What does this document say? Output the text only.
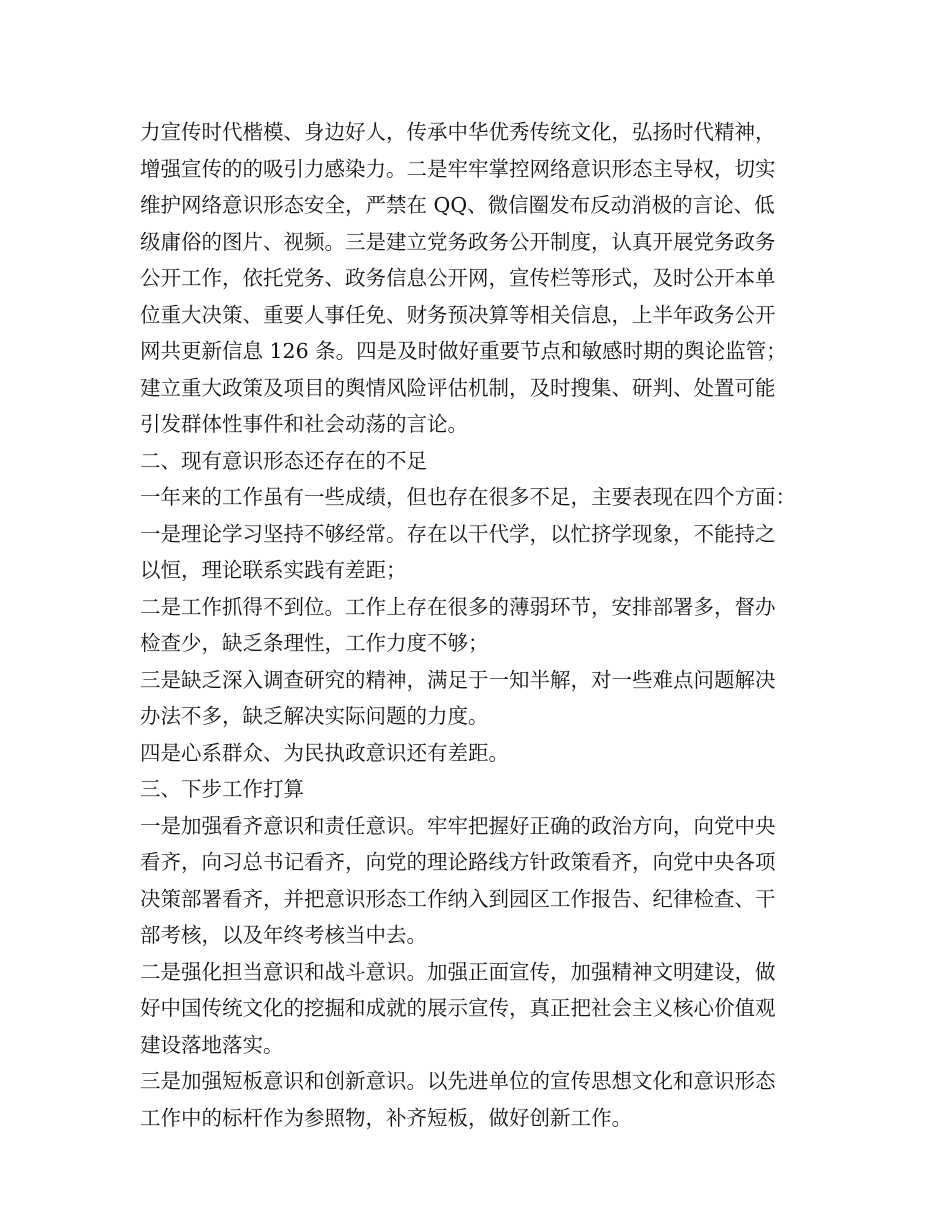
力宣传时代楷模、身边好人，传承中华优秀传统文化，弘扬时代精神，
增强宣传的的吸引力感染力。二是牢牢掌控网络意识形态主导权，切实
维护网络意识形态安全，严禁在 QQ、微信圈发布反动消极的言论、低
级庸俗的图片、视频。三是建立党务政务公开制度，认真开展党务政务
公开工作，依托党务、政务信息公开网，宣传栏等形式，及时公开本单
位重大决策、重要人事任免、财务预决算等相关信息，上半年政务公开
网共更新信息 126 条。四是及时做好重要节点和敏感时期的舆论监管；
建立重大政策及项目的舆情风险评估机制，及时搜集、研判、处置可能
引发群体性事件和社会动荡的言论。
二、现有意识形态还存在的不足
一年来的工作虽有一些成绩，但也存在很多不足，主要表现在四个方面：
一是理论学习坚持不够经常。存在以干代学，以忙挤学现象，不能持之
以恒，理论联系实践有差距；
二是工作抓得不到位。工作上存在很多的薄弱环节，安排部署多，督办
检查少，缺乏条理性，工作力度不够；
三是缺乏深入调查研究的精神，满足于一知半解，对一些难点问题解决
办法不多，缺乏解决实际问题的力度。
四是心系群众、为民执政意识还有差距。
三、下步工作打算
一是加强看齐意识和责任意识。牢牢把握好正确的政治方向，向党中央
看齐，向习总书记看齐，向党的理论路线方针政策看齐，向党中央各项
决策部署看齐，并把意识形态工作纳入到园区工作报告、纪律检查、干
部考核，以及年终考核当中去。
二是强化担当意识和战斗意识。加强正面宣传，加强精神文明建设，做
好中国传统文化的挖掘和成就的展示宣传，真正把社会主义核心价值观
建设落地落实。
三是加强短板意识和创新意识。以先进单位的宣传思想文化和意识形态
工作中的标杆作为参照物，补齐短板，做好创新工作。
